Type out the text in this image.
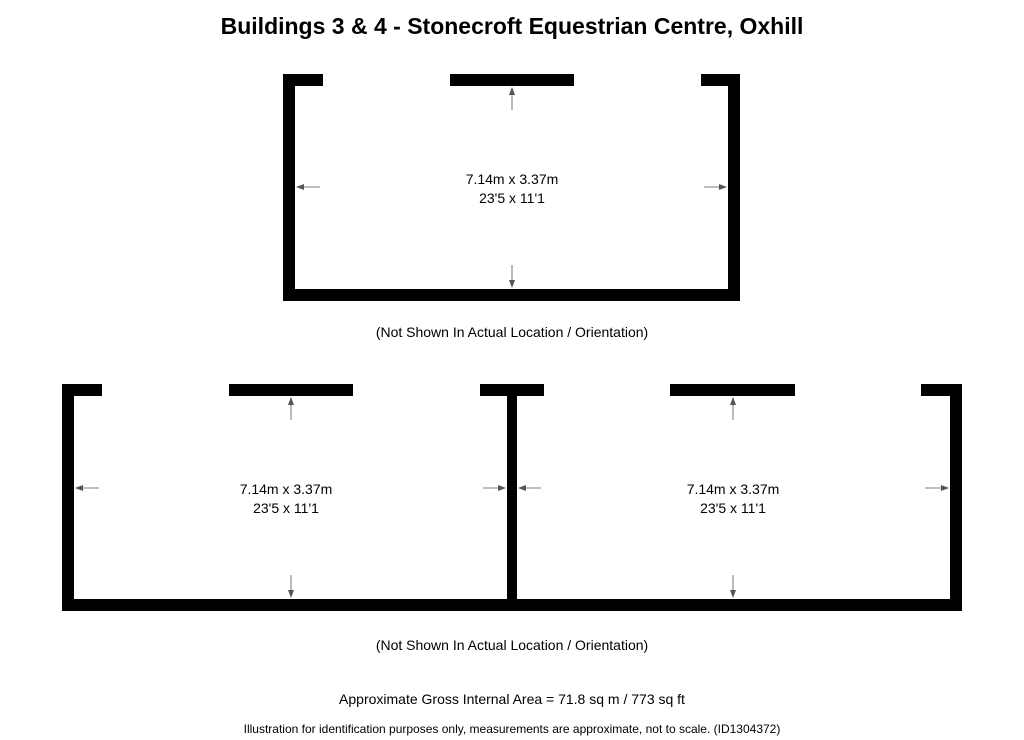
Buildings 3 & 4 - Stonecroft Equestrian Centre, Oxhill
7.14m x 3.37m
23'5 x 11'1
7.14m x 3.37m
23'5 x 11'1
7.14m x 3.37m
23'5 x 11'1
(Not Shown In Actual Location / Orientation)
(Not Shown In Actual Location / Orientation)
Approximate Gross Internal Area = 71.8 sq m / 773 sq ft
Illustration for identification purposes only, measurements are approximate, not to scale. (ID1304372)
